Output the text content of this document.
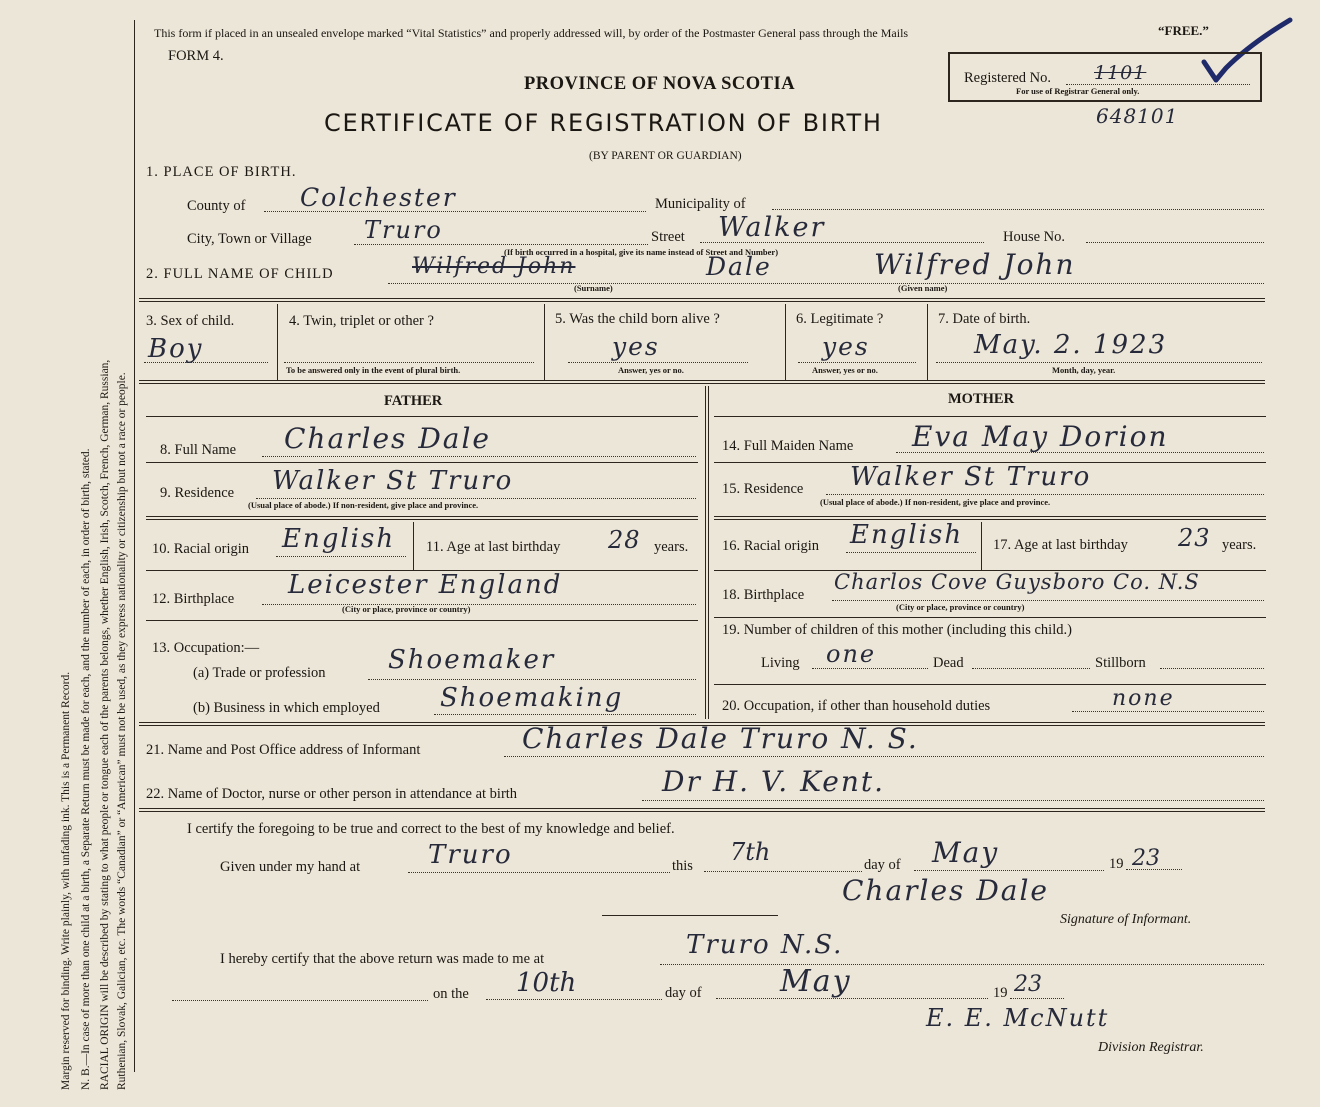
Margin reserved for binding. Write plainly, with unfading ink. This is a Permanent Record. N. B.—In case of more than one child at a birth, a Separate Return must be made for each, and the number of each, in order of birth, stated. RACIAL ORIGIN will be described by stating to what people or tongue each of the parents belongs, whether English, Irish, Scotch, French, German, Russian, Ruthenian, Slovak, Galician, etc. The words “Canadian” or “American” must not be used, as they express nationality or citizenship but not a race or people.
This form if placed in an unsealed envelope marked “Vital Statistics” and properly addressed will, by order of the Postmaster General pass through the Mails	“FREE.”
FORM 4.
PROVINCE OF NOVA SCOTIA
CERTIFICATE OF REGISTRATION OF BIRTH
(BY PARENT OR GUARDIAN)
648101
Registered No. 1101
For use of Registrar General only.
1. PLACE OF BIRTH.
County of Colchester	Municipality of
City, Town or Village Truro	Street Walker	House No.
(If birth occurred in a hospital, give its name instead of Street and Number)
2. FULL NAME OF CHILD	Wilfred John	Dale	Wilfred John
(Surname)	(Given name)
3. Sex of child.
Boy
4. Twin, triplet or other ?
To be answered only in the event of plural birth.
5. Was the child born alive ?
yes
Answer, yes or no.
6. Legitimate ?
yes
Answer, yes or no.
7. Date of birth.
May. 2. 1923
Month, day, year.
FATHER	MOTHER
8. Full Name Charles Dale
9. Residence Walker St Truro
(Usual place of abode.) If non-resident, give place and province.
10. Racial origin English 11. Age at last birthday 28 years.
12. Birthplace Leicester England
(City or place, province or country)
13. Occupation:—
(a) Trade or profession Shoemaker
(b) Business in which employed Shoemaking
14. Full Maiden Name Eva May Dorion
15. Residence Walker St Truro
(Usual place of abode.) If non-resident, give place and province.
16. Racial origin English 17. Age at last birthday 23 years.
18. Birthplace
Charlos Cove Guysboro Co. N.S
(City or place, province or country)
19. Number of children of this mother (including this child.)
Living one	Dead	Stillborn
20. Occupation, if other than household duties	none
21. Name and Post Office address of Informant	Charles Dale Truro N. S.
22. Name of Doctor, nurse or other person in attendance at birth	Dr H. V. Kent.
I certify the foregoing to be true and correct to the best of my knowledge and belief.
Given under my hand at	Truro	this 7th	day of May	19 23
Charles Dale
Signature of Informant.
I hereby certify that the above return was made to me at	Truro N.S.
on the 10th	day of	May	19 23
E. E. McNutt
Division Registrar.
